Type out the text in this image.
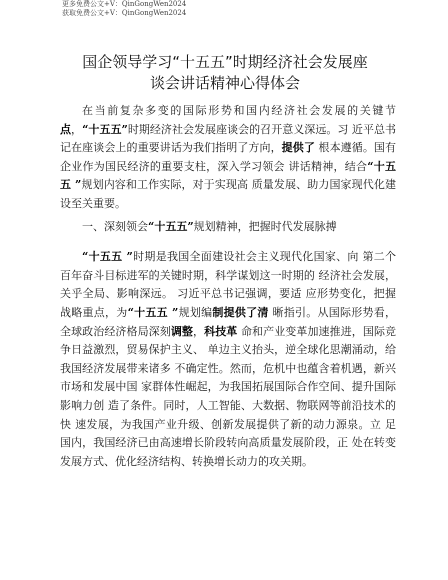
更多免费公文+V：QinGongWen2024
获取免费公文+V：QinGongWen2024
国企领导学习“十五五”时期经济社会发展座
谈会讲话精神心得体会

在当前复杂多变的国际形势和国内经济社会发展的关键节点，“十五五”时期经济社会发展座谈会的召开意义深远。习 近平总书记在座谈会上的重要讲话为我们指明了方向，提供了 根本遵循。国有企业作为国民经济的重要支柱，深入学习领会 讲话精神，结合“十五五 ”规划内容和工作实际，对于实现高 质量发展、助力国家现代化建设至关重要。

一、深刻领会“十五五”规划精神，把握时代发展脉搏

“十五五 ”时期是我国全面建设社会主义现代化国家、向 第二个百年奋斗目标进军的关键时期，科学谋划这一时期的 经济社会发展，关乎全局、影响深远。 习近平总书记强调，要适 应形势变化，把握战略重点，为“十五五 ”规划编制提供了清 晰指引。从国际形势看，全球政治经济格局深刻调整，科技革 命和产业变革加速推进，国际竞争日益激烈，贸易保护主义、 单边主义抬头，逆全球化思潮涌动，给我国经济发展带来诸多 不确定性。然而，危机中也蕴含着机遇，新兴市场和发展中国 家群体性崛起，为我国拓展国际合作空间、提升国际影响力创 造了条件。同时，人工智能、大数据、物联网等前沿技术的快 速发展，为我国产业升级、创新发展提供了新的动力源泉。立 足国内，我国经济已由高速增长阶段转向高质量发展阶段，正 处在转变发展方式、优化经济结构、转换增长动力的攻关期。
